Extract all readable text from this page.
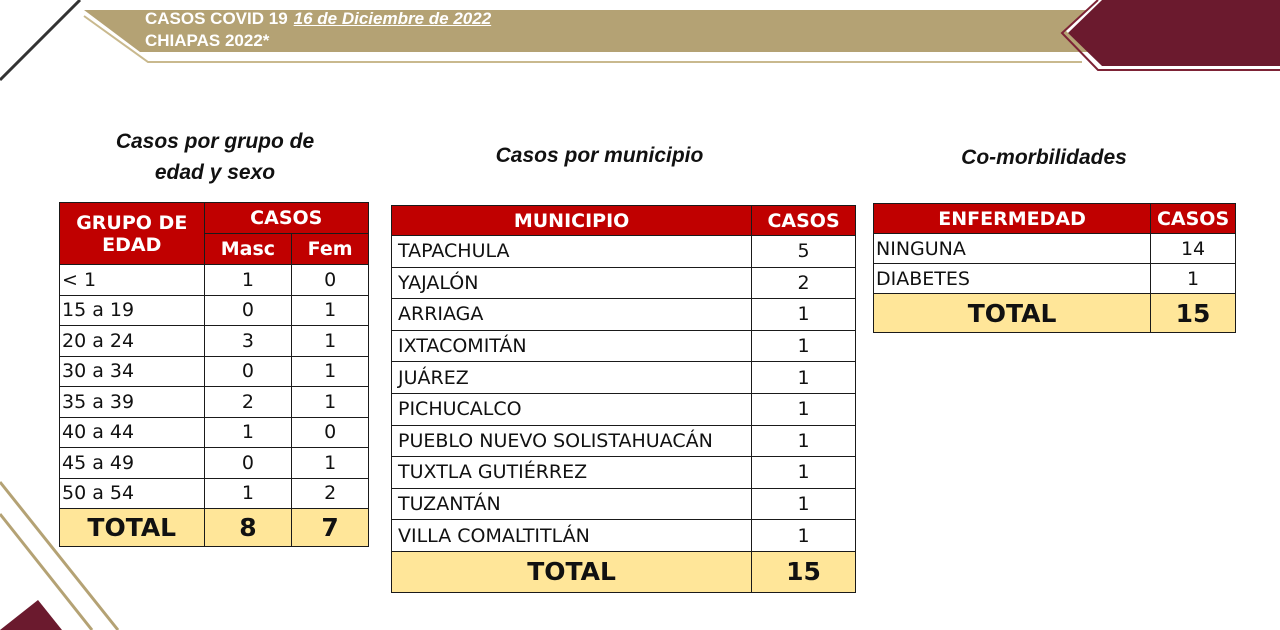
CASOS COVID 19 16 de Diciembre de 2022
CHIAPAS 2022*
Casos por grupo de
edad y sexo
Casos por municipio	Co-morbilidades
GRUPO DE
EDAD	CASOS	
	Masc	Fem
< 1	1	0
15 a 19	0	1
20 a 24	3	1
30 a 34	0	1
35 a 39	2	1
40 a 44	1	0
45 a 49	0	1
50 a 54	1	2
TOTAL	8	7
MUNICIPIO	CASOS
TAPACHULA	5
YAJALÓN	2
ARRIAGA	1
IXTACOMITÁN	1
JUÁREZ	1
PICHUCALCO	1
PUEBLO NUEVO SOLISTAHUACÁN	1
TUXTLA GUTIÉRREZ	1
TUZANTÁN	1
VILLA COMALTITLÁN	1
TOTAL	15
ENFERMEDAD	CASOS
NINGUNA	14
DIABETES	1
TOTAL	15
